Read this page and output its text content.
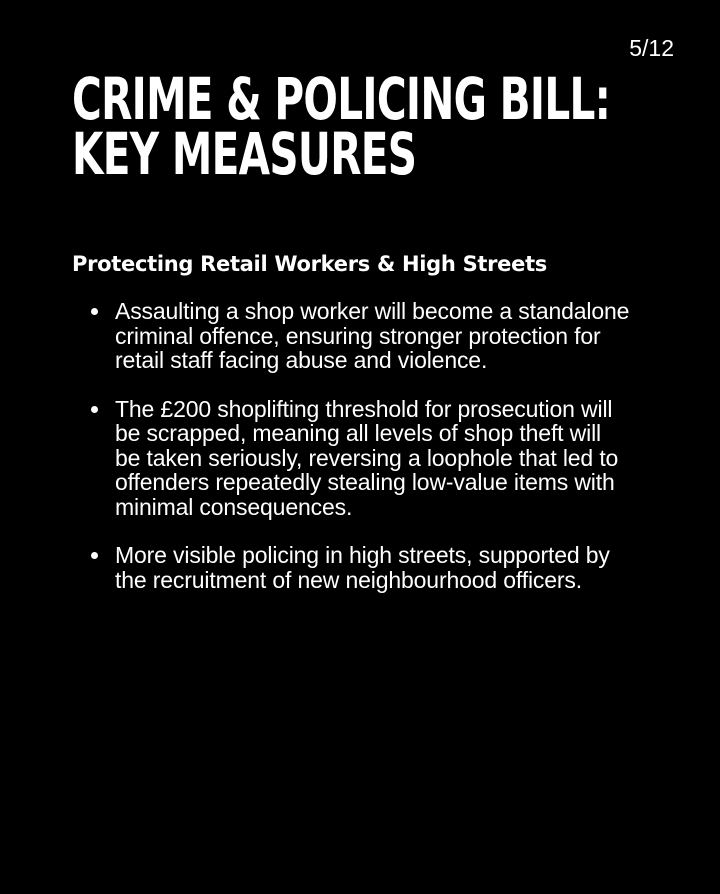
5/12
CRIME & POLICING BILL:
KEY MEASURES
Protecting Retail Workers & High Streets
Assaulting a shop worker will become a standalone criminal offence, ensuring stronger protection for retail staff facing abuse and violence.
The £200 shoplifting threshold for prosecution will be scrapped, meaning all levels of shop theft will be taken seriously, reversing a loophole that led to offenders repeatedly stealing low-value items with minimal consequences.
More visible policing in high streets, supported by the recruitment of new neighbourhood officers.
